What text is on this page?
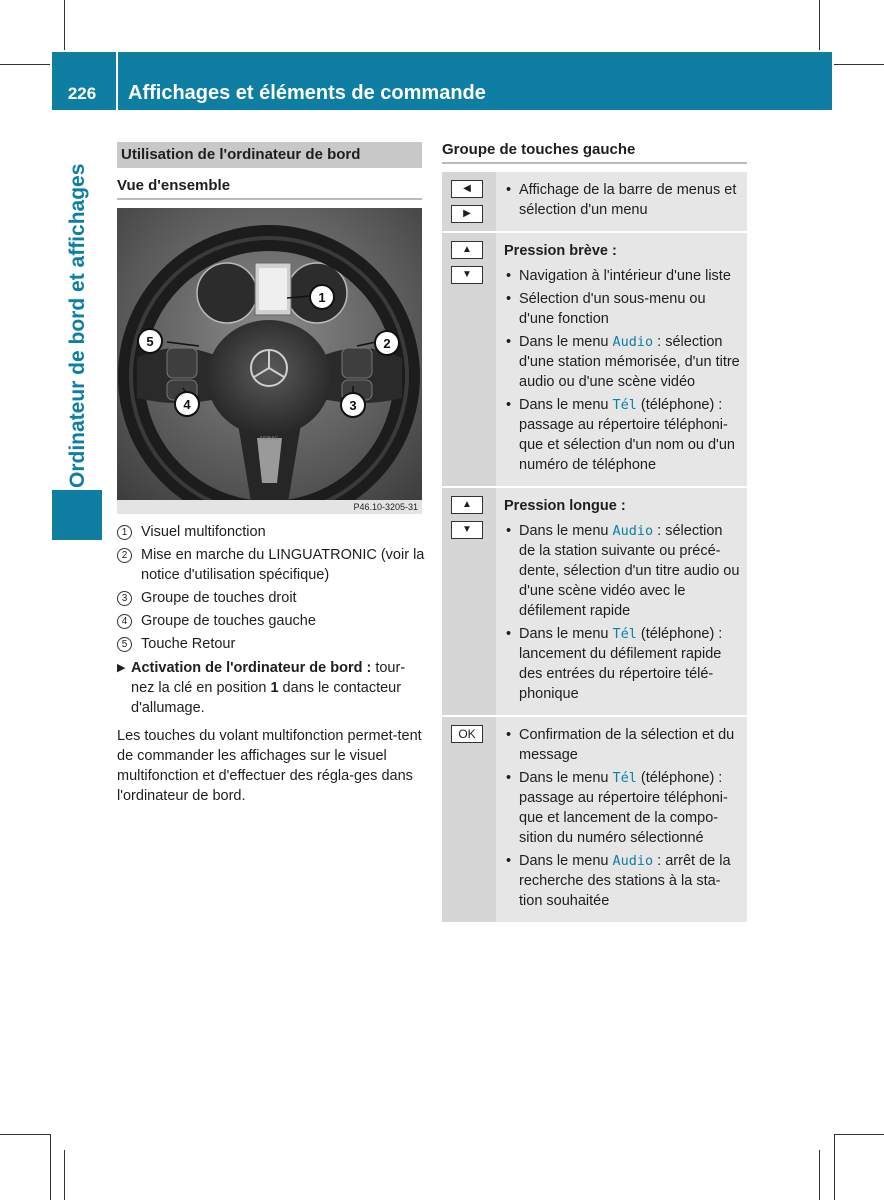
226	Affichages et éléments de commande
Ordinateur de bord et affichages
Utilisation de l'ordinateur de bord
Vue d'ensemble
AIRBAG
1
2
3
4
5
P46.10-3205-31
1 Visuel multifonction
2 Mise en marche du LINGUATRONIC (voir la notice d'utilisation spécifique)
3 Groupe de touches droit
4 Groupe de touches gauche
5 Touche Retour
▶ Activation de l'ordinateur de bord : tour-nez la clé en position 1 dans le contacteur d'allumage.

Les touches du volant multifonction permet-tent de commander les affichages sur le visuel multifonction et d'effectuer des régla-ges dans l'ordinateur de bord.

Groupe de touches gauche
◀
▶
• Affichage de la barre de menus et sélection d'un menu
▲
▼
Pression brève :
• Navigation à l'intérieur d'une liste
• Sélection d'un sous-menu ou d'une fonction
• Dans le menu Audio : sélection d'une station mémorisée, d'un titre audio ou d'une scène vidéo
• Dans le menu Tél (téléphone) : passage au répertoire téléphoni-que et sélection d'un nom ou d'un numéro de téléphone
▲
▼
Pression longue :
• Dans le menu Audio : sélection de la station suivante ou précé-dente, sélection d'un titre audio ou d'une scène vidéo avec le défilement rapide
• Dans le menu Tél (téléphone) : lancement du défilement rapide des entrées du répertoire télé-phonique
OK
•	Confirmation de la sélection et du message
• Dans le menu Tél (téléphone) : passage au répertoire téléphoni-que et lancement de la compo-sition du numéro sélectionné
• Dans le menu Audio : arrêt de la recherche des stations à la sta-tion souhaitée
